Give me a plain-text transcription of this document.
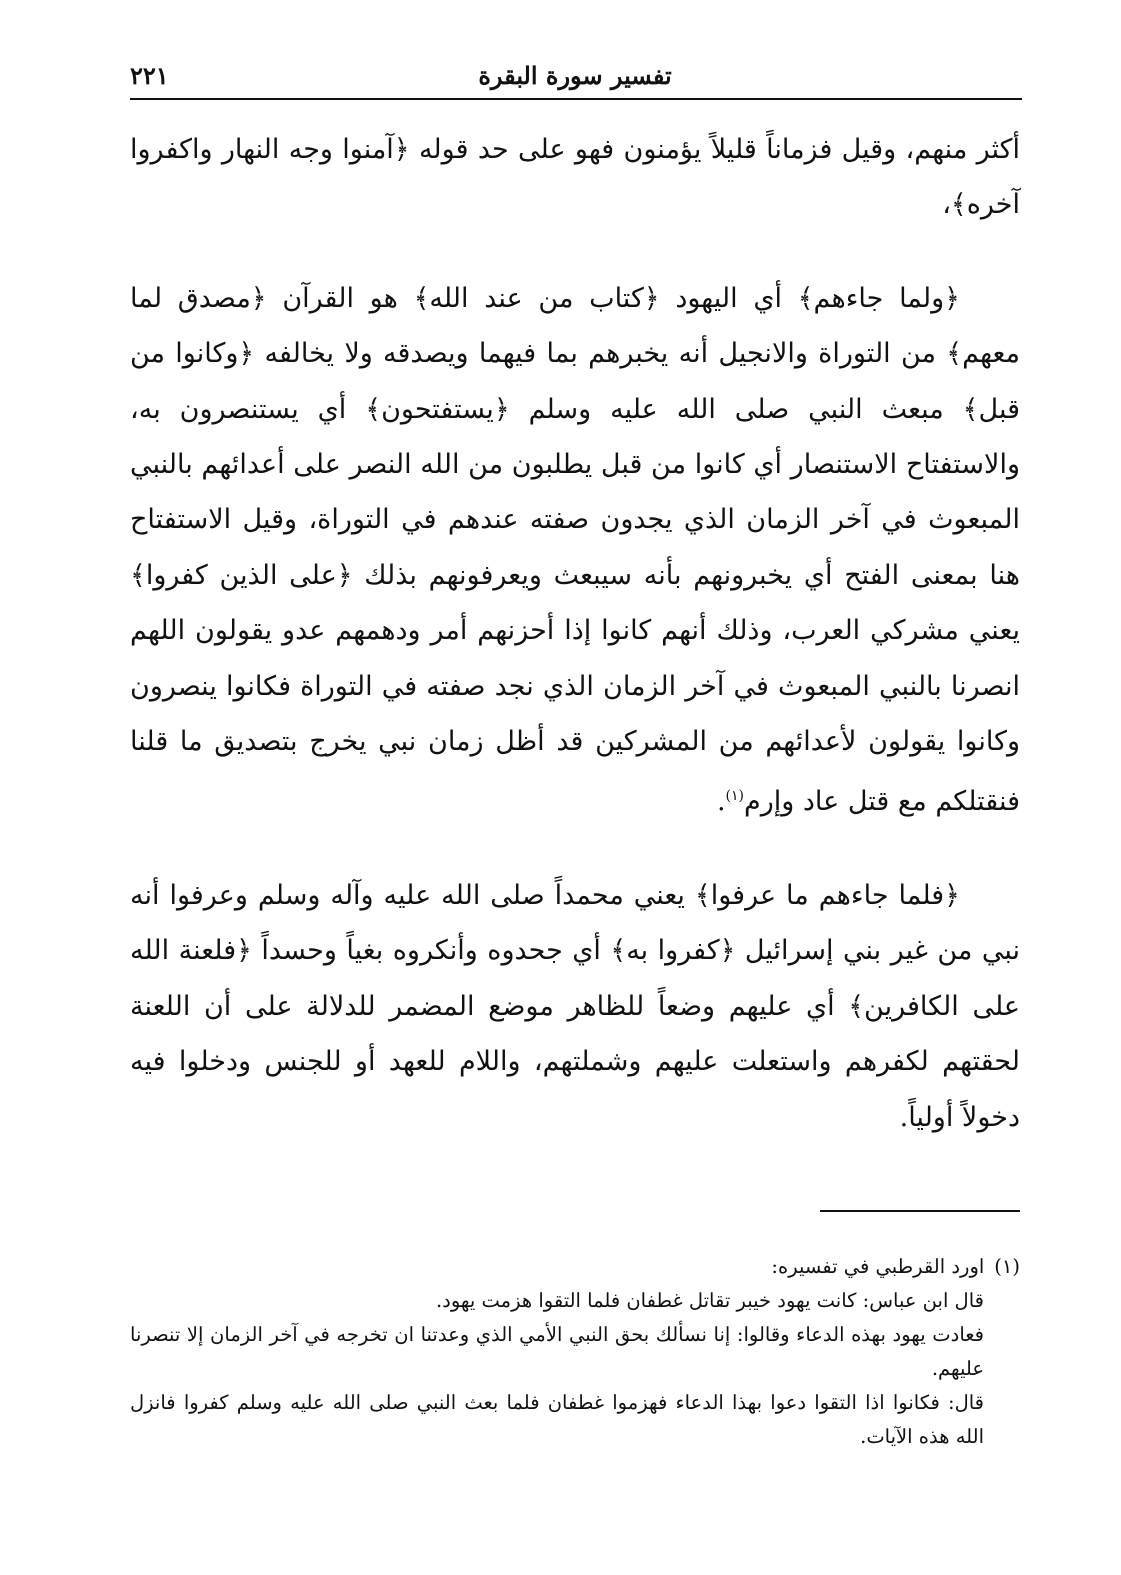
تفسير سورة البقرة
٢٢١

أكثر منهم، وقيل فزماناً قليلاً يؤمنون فهو على حد قوله ﴿آمنوا وجه النهار واكفروا آخره﴾،

﴿ولما جاءهم﴾ أي اليهود ﴿كتاب من عند الله﴾ هو القرآن ﴿مصدق لما معهم﴾ من التوراة والانجيل أنه يخبرهم بما فيهما ويصدقه ولا يخالفه ﴿وكانوا من قبل﴾ مبعث النبي صلى الله عليه وسلم ﴿يستفتحون﴾ أي يستنصرون به، والاستفتاح الاستنصار أي كانوا من قبل يطلبون من الله النصر على أعدائهم بالنبي المبعوث في آخر الزمان الذي يجدون صفته عندهم في التوراة، وقيل الاستفتاح هنا بمعنى الفتح أي يخبرونهم بأنه سيبعث ويعرفونهم بذلك ﴿على الذين كفروا﴾ يعني مشركي العرب، وذلك أنهم كانوا إذا أحزنهم أمر ودهمهم عدو يقولون اللهم انصرنا بالنبي المبعوث في آخر الزمان الذي نجد صفته في التوراة فكانوا ينصرون وكانوا يقولون لأعدائهم من المشركين قد أظل زمان نبي يخرج بتصديق ما قلنا فنقتلكم مع قتل عاد وإرم$^{(١)}$.

﴿فلما جاءهم ما عرفوا﴾ يعني محمداً صلى الله عليه وآله وسلم وعرفوا أنه نبي من غير بني إسرائيل ﴿كفروا به﴾ أي جحدوه وأنكروه بغياً وحسداً ﴿فلعنة الله على الكافرين﴾ أي عليهم وضعاً للظاهر موضع المضمر للدلالة على أن اللعنة لحقتهم لكفرهم واستعلت عليهم وشملتهم، واللام للعهد أو للجنس ودخلوا فيه دخولاً أولياً.

(١)اورد القرطبي في تفسيره:

قال ابن عباس: كانت يهود خيبر تقاتل غطفان فلما التقوا هزمت يهود.

فعادت يهود بهذه الدعاء وقالوا: إنا نسألك بحق النبي الأمي الذي وعدتنا ان تخرجه في آخر الزمان إلا تنصرنا عليهم.

قال: فكانوا اذا التقوا دعوا بهذا الدعاء فهزموا غطفان فلما بعث النبي صلى الله عليه وسلم كفروا فانزل الله هذه الآيات.
